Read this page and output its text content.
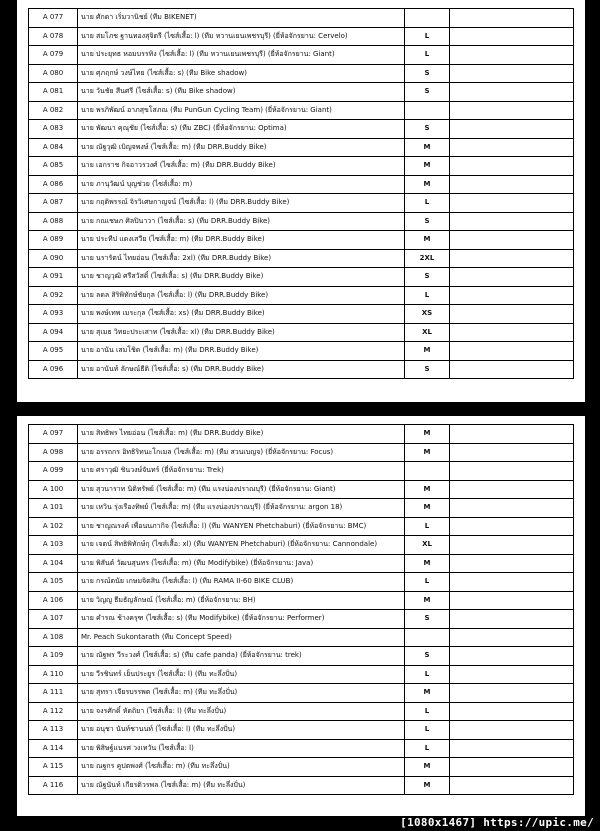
A 077	นาย ศักดา เริ่มวานิชย์ (ทีม BIKENET)		
A 078	นาย สมโภช ฐานทองสุจิตรี (ไซส์เสื้อ: l) (ทีม หวานเยนเพชรบุรี) (ยี่ห้อจักรยาน: Cervelo)	L	
A 079	นาย ประยุทธ หอมบรรทิง (ไซส์เสื้อ: l) (ทีม หวานเยนเพชรบุรี) (ยี่ห้อจักรยาน: Giant)	L	
A 080	นาย ศุภฤกษ์ วงษ์ไทย (ไซส์เสื้อ: s) (ทีม Bike shadow)	S	
A 081	นาย วันชัย สีนศรี (ไซส์เสื้อ: s) (ทีม Bike shadow)	S	
A 082	นาย พรภิพัฒน์ อาภสุขโสภณ (ทีม PunGun Cycling Team) (ยี่ห้อจักรยาน: Giant)		
A 083	นาย พัฒนา คุณุชัย (ไซส์เสื้อ: s) (ทีม ZBC) (ยี่ห้อจักรยาน: Optima)	S	
A 084	นาย ณัฐวุฒิ เบิญจพงษ์ (ไซส์เสื้อ: m) (ทีม DRR.Buddy Bike)	M	
A 085	นาย เอกราช กิจอาวรวงศ์ (ไซส์เสื้อ: m) (ทีม DRR.Buddy Bike)	M	
A 086	นาย ภานุวัฒน์ บุญช่วย (ไซส์เสื้อ: m)	M	
A 087	นาย กฤติพรรณ์ จิรวิเศษกาญจน์ (ไซส์เสื้อ: l) (ทีม DRR.Buddy Bike)	L	
A 088	นาย กณเชษภ ศิลปินาวา (ไซส์เสื้อ: s) (ทีม DRR.Buddy Bike)	S	
A 089	นาย ประทีป แดงเสวีย (ไซส์เสื้อ: m) (ทีม DRR.Buddy Bike)	M	
A 090	นาย นรารัตน์ ไทยอ่อน (ไซส์เสื้อ: 2xl) (ทีม DRR.Buddy Bike)	2XL	
A 091	นาย ชาญวุฒิ ศรีสวัสดิ์ (ไซส์เสื้อ: s) (ทีม DRR.Buddy Bike)	S	
A 092	นาย ลดล สิริพิทักษ์ชัยกุล (ไซส์เสื้อ: l) (ทีม DRR.Buddy Bike)	L	
A 093	นาย พงษ์เทพ เมระกุล (ไซส์เสื้อ: xs) (ทีม DRR.Buddy Bike)	XS	
A 094	นาย สุเมธ วิทยะประเสาท (ไซส์เสื้อ: xl) (ทีม DRR.Buddy Bike)	XL	
A 095	นาย อานัน เสมโชิด (ไซส์เสื้อ: m) (ทีม DRR.Buddy Bike)	M	
A 096	นาย อานันท์ ลักษณ์ธีติ (ไซส์เสื้อ: s) (ทีม DRR.Buddy Bike)	S	
A 097	นาย สิทธิพร ไทยอ่อน (ไซส์เสื้อ: m) (ทีม DRR.Buddy Bike)	M	
A 098	นาย อรรถกร อิทธิริทนะโกเมล (ไซส์เสื้อ: m) (ทีม สวนเบญจ) (ยี่ห้อจักรยาน: Focus)	M	
A 099	นาย ศราวุฒิ ชินวงษ์จันทร์ (ยี่ห้อจักรยาน: Trek)		
A 100	นาย สุวนาราท นิติทรัพย์ (ไซส์เสื้อ: m) (ทีม แรงน่องปราณบุรี) (ยี่ห้อจักรยาน: Giant)	M	
A 101	นาย เหวิน รุ่งเรืองทิพย์ (ไซส์เสื้อ: m) (ทีม แรงน่องปราณบุรี) (ยี่ห้อจักรยาน: argon 18)	M	
A 102	นาย ชาญณรงค์ เพื่อนนภากิจ (ไซส์เสื้อ: l) (ทีม WANYEN Phetchaburi) (ยี่ห้อจักรยาน: BMC)	L	
A 103	นาย เจตน์ สิทธิพิทักษ์กุ (ไซส์เสื้อ: xl) (ทีม WANYEN Phetchaburi) (ยี่ห้อจักรยาน: Cannondale)	XL	
A 104	นาย พิสันต์ วัฒนสุนทร (ไซส์เสื้อ: m) (ทีม Modifybike) (ยี่ห้อจักรยาน: Java)	M	
A 105	นาย กรณ์ตนัย เกษมจิตสิน (ไซส์เสื้อ: l) (ทีม RAMA II-60 BIKE CLUB)	L	
A 106	นาย วิญญู ธีมธัญลักษณ์ (ไซส์เสื้อ: m) (ยี่ห้อจักรยาน: BH)	M	
A 107	นาย คำรณ ช้างครุฑ (ไซส์เสื้อ: s) (ทีม Modifybike) (ยี่ห้อจักรยาน: Performer)	S	
A 108	Mr. Peach Sukontarath (ทีม Concept Speed)		
A 109	นาย ณัฐพร วีระวงศ์ (ไซส์เสื้อ: s) (ทีม cafe panda) (ยี่ห้อจักรยาน: trek)	S	
A 110	นาย วีรชินทร์ เย็นประยูร (ไซส์เสื้อ: l) (ทีม ทะลึ่งปั่น)	L	
A 111	นาย สุทรา เจียรบรรพต (ไซส์เสื้อ: m) (ทีม ทะลึ่งปั่น)	M	
A 112	นาย จงรศักดิ์ หัตถิยา (ไซส์เสื้อ: l) (ทีม ทะลึ่งปั่น)	L	
A 113	นาย อนุชา นันท์ชานนท์ (ไซส์เสื้อ: l) (ทีม ทะลึ่งปั่น)	L	
A 114	นาย พิสิษฐ์แนรศ วงเทวัน (ไซส์เสื้อ: l)	L	
A 115	นาย ณฐกร คูปตพงศ์ (ไซส์เสื้อ: m) (ทีม ทะลึ่งปั่น)	M	
A 116	นาย ณัฐนันท์ เกียรติวรพล (ไซส์เสื้อ: m) (ทีม ทะลึ่งปั่น)	M	
[1080x1467] https://upic.me/
